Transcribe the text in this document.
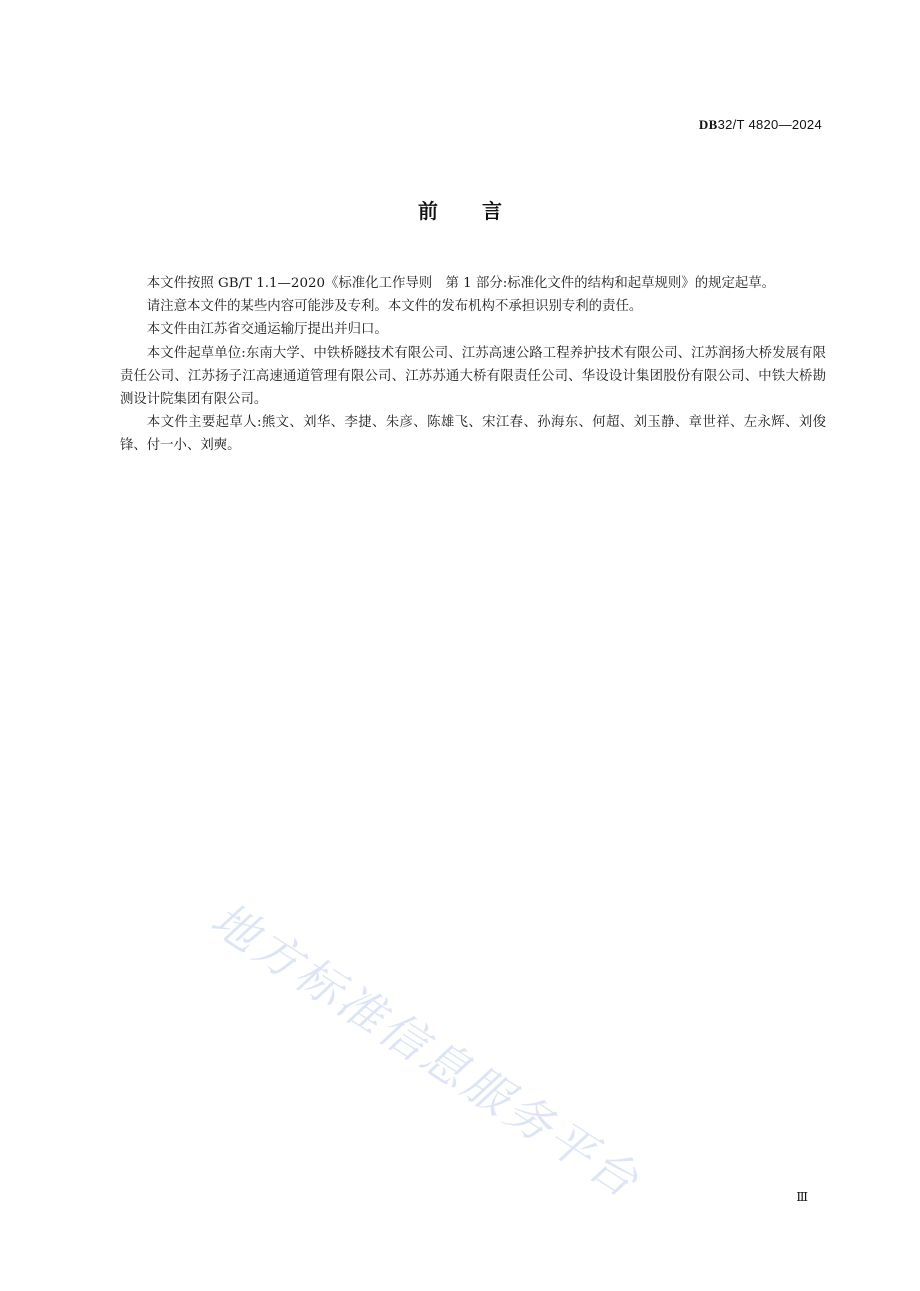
DB32/T 4820—2024
前言

本文件按照 GB/T 1.1—2020《标准化工作导则　第 1 部分:标准化文件的结构和起草规则》的规定起草。

请注意本文件的某些内容可能涉及专利。本文件的发布机构不承担识别专利的责任。

本文件由江苏省交通运输厅提出并归口。

本文件起草单位:东南大学、中铁桥隧技术有限公司、江苏高速公路工程养护技术有限公司、江苏润扬大桥发展有限责任公司、江苏扬子江高速通道管理有限公司、江苏苏通大桥有限责任公司、华设设计集团股份有限公司、中铁大桥勘测设计院集团有限公司。

本文件主要起草人:熊文、刘华、李捷、朱彦、陈雄飞、宋江春、孙海东、何超、刘玉静、章世祥、左永辉、刘俊锋、付一小、刘奭。

地方标准信息服务平台	Ⅲ
